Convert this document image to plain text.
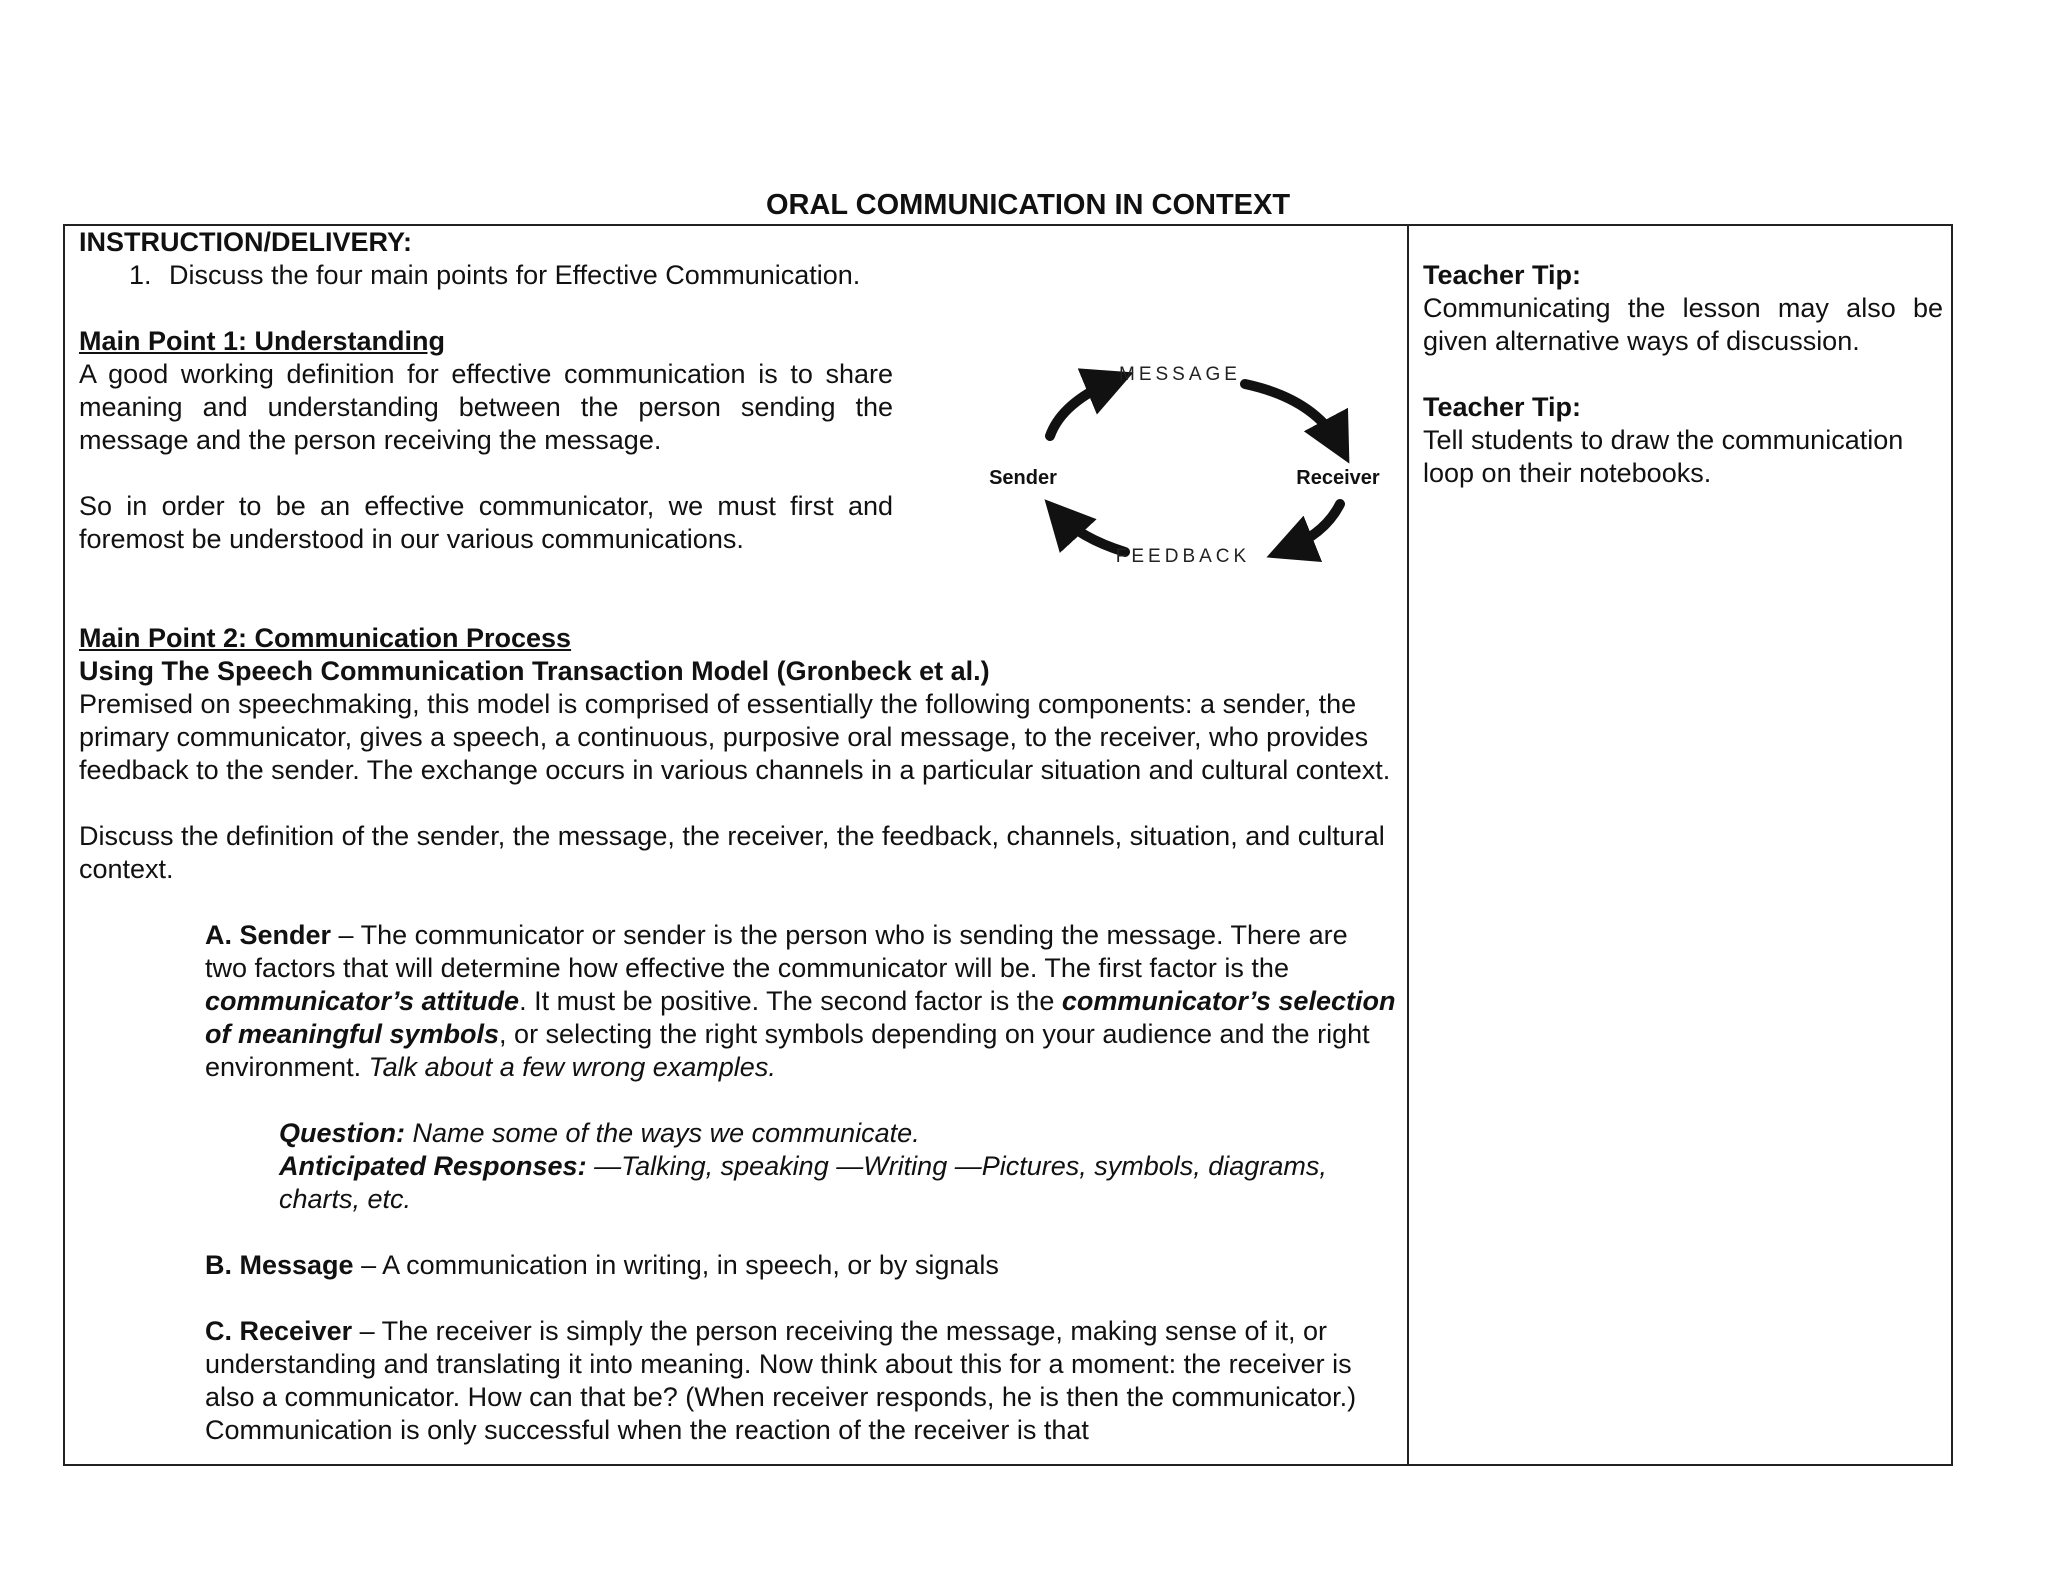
ORAL COMMUNICATION IN CONTEXT

INSTRUCTION/DELIVERY:

1. Discuss the four main points for Effective Communication.

Main Point 1: Understanding

A good working definition for effective communication is to share meaning and understanding between the person sending the message and the person receiving the message.

So in order to be an effective communicator, we must first and foremost be understood in our various communications.

Main Point 2: Communication Process

Using The Speech Communication Transaction Model (Gronbeck et al.)

Premised on speechmaking, this model is comprised of essentially the following components: a sender, the primary communicator, gives a speech, a continuous, purposive oral message, to the receiver, who provides feedback to the sender. The exchange occurs in various channels in a particular situation and cultural context.

Discuss the definition of the sender, the message, the receiver, the feedback, channels, situation, and cultural context.

A. Sender – The communicator or sender is the person who is sending the message. There are two factors that will determine how effective the communicator will be. The first factor is the communicator’s attitude. It must be positive. The second factor is the communicator’s selection of meaningful symbols, or selecting the right symbols depending on your audience and the right environment. Talk about a few wrong examples.

Question: Name some of the ways we communicate.

Anticipated Responses: —Talking, speaking —Writing —Pictures, symbols, diagrams, charts, etc.

B. Message – A communication in writing, in speech, or by signals

C. Receiver – The receiver is simply the person receiving the message, making sense of it, or understanding and translating it into meaning. Now think about this for a moment: the receiver is also a communicator. How can that be? (When receiver responds, he is then the communicator.) Communication is only successful when the reaction of the receiver is that

MESSAGE
Sender	Receiver
FEEDBACK

Teacher Tip:

Communicating the lesson may also be given alternative ways of discussion.

Teacher Tip:

Tell students to draw the communication loop on their notebooks.
